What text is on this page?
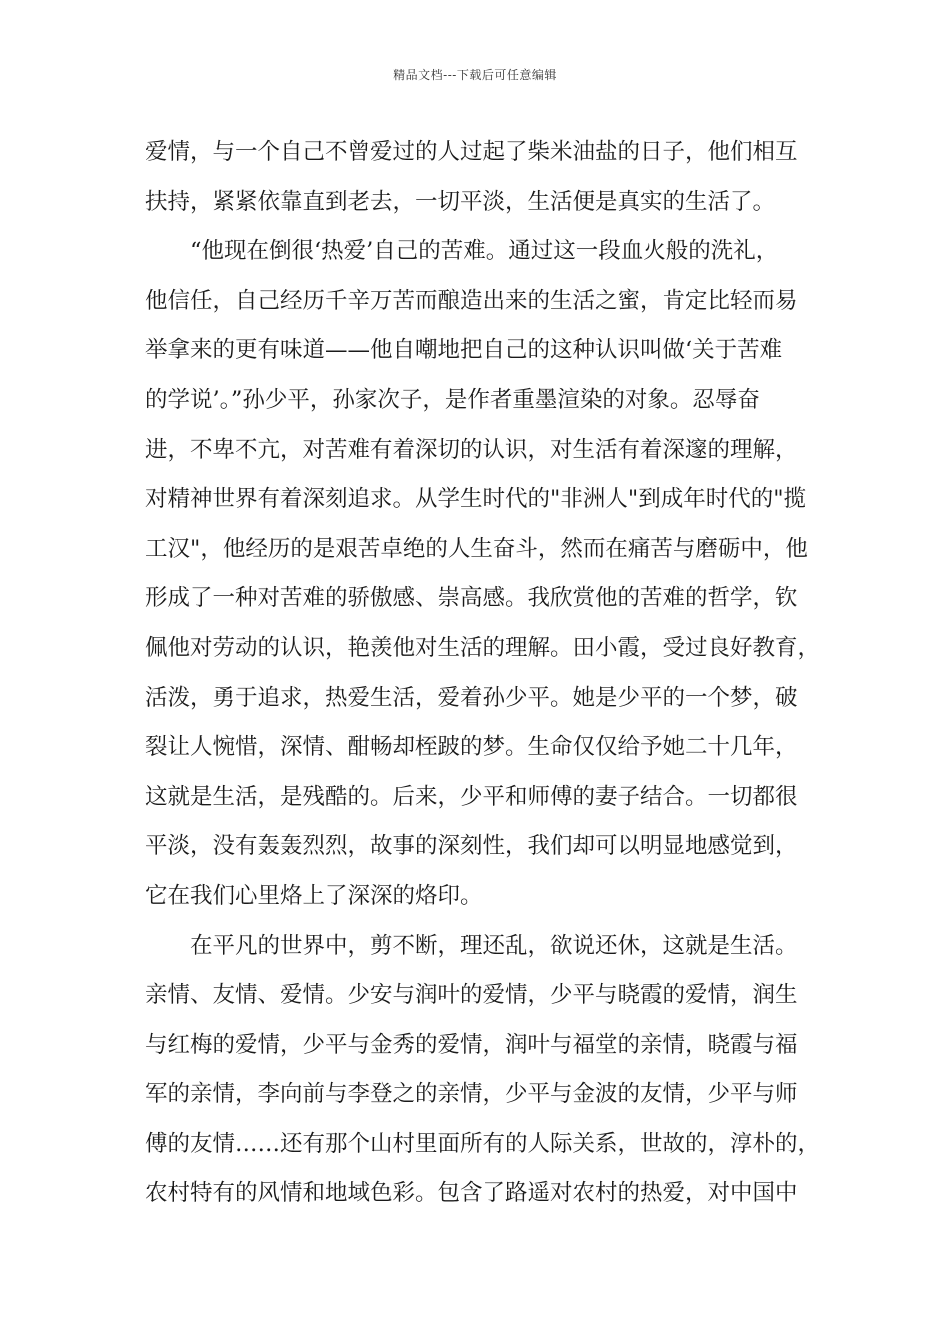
精品文档---下载后可任意编辑
爱情，与一个自己不曾爱过的人过起了柴米油盐的日子，他们相互
扶持，紧紧依靠直到老去，一切平淡，生活便是真实的生活了。
“他现在倒很‘热爱’自己的苦难。通过这一段血火般的洗礼，
他信任，自己经历千辛万苦而酿造出来的生活之蜜，肯定比轻而易
举拿来的更有味道——他自嘲地把自己的这种认识叫做‘关于苦难
的学说’。”孙少平，孙家次子，是作者重墨渲染的对象。忍辱奋
进，不卑不亢，对苦难有着深切的认识，对生活有着深邃的理解，
对精神世界有着深刻追求。从学生时代的"非洲人"到成年时代的"揽
工汉"，他经历的是艰苦卓绝的人生奋斗，然而在痛苦与磨砺中，他
形成了一种对苦难的骄傲感、崇高感。我欣赏他的苦难的哲学，钦
佩他对劳动的认识，艳羡他对生活的理解。田小霞，受过良好教育，
活泼，勇于追求，热爱生活，爱着孙少平。她是少平的一个梦，破
裂让人惋惜，深情、酣畅却桎跛的梦。生命仅仅给予她二十几年，
这就是生活，是残酷的。后来，少平和师傅的妻子结合。一切都很
平淡，没有轰轰烈烈，故事的深刻性，我们却可以明显地感觉到，
它在我们心里烙上了深深的烙印。
在平凡的世界中，剪不断，理还乱，欲说还休，这就是生活。
亲情、友情、爱情。少安与润叶的爱情，少平与晓霞的爱情，润生
与红梅的爱情，少平与金秀的爱情，润叶与福堂的亲情，晓霞与福
军的亲情，李向前与李登之的亲情，少平与金波的友情，少平与师
傅的友情……还有那个山村里面所有的人际关系，世故的，淳朴的，
农村特有的风情和地域色彩。包含了路遥对农村的热爱，对中国中
